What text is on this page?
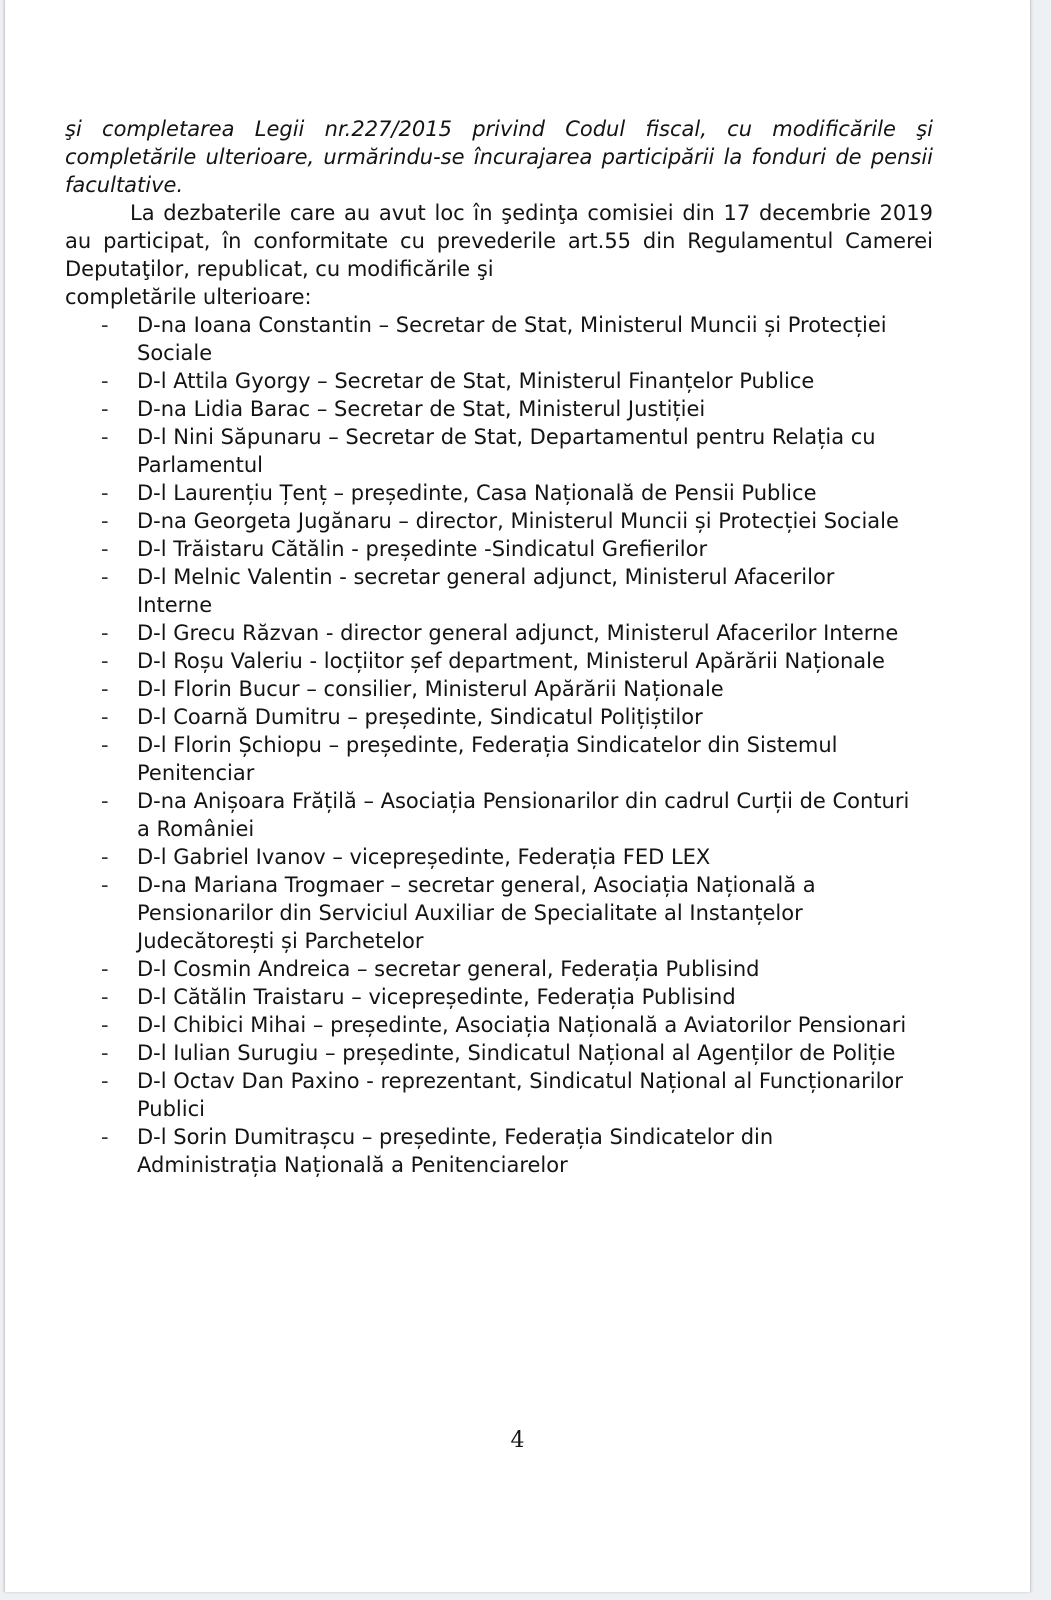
şi completarea Legii nr.227/2015 privind Codul fiscal, cu modificările şi completările ulterioare, urmărindu-se încurajarea participării la fonduri de pensii facultative.

La dezbaterile care au avut loc în şedinţa comisiei din 17 decembrie 2019 au participat, în conformitate cu prevederile art.55 din Regulamentul Camerei Deputaţilor, republicat, cu modificările şi

completările ulterioare:

- D-na Ioana Constantin – Secretar de Stat, Ministerul Muncii și Protecției Sociale
- D-l Attila Gyorgy – Secretar de Stat, Ministerul Finanțelor Publice
- D-na Lidia Barac – Secretar de Stat, Ministerul Justiției
- D-l Nini Săpunaru – Secretar de Stat, Departamentul pentru Relația cu Parlamentul
- D-l Laurențiu Țenț – președinte, Casa Națională de Pensii Publice
- D-na Georgeta Jugănaru – director, Ministerul Muncii și Protecției Sociale
- D-l Trăistaru Cătălin - președinte -Sindicatul Grefierilor
- D-l Melnic Valentin - secretar general adjunct, Ministerul Afacerilor Interne
- D-l Grecu Răzvan - director general adjunct, Ministerul Afacerilor Interne
- D-l Roșu Valeriu - locțiitor șef department, Ministerul Apărării Naționale
- D-l Florin Bucur – consilier, Ministerul Apărării Naționale
- D-l Coarnă Dumitru – președinte, Sindicatul Polițiștilor
- D-l Florin Șchiopu – președinte, Federația Sindicatelor din Sistemul Penitenciar
- D-na Anișoara Frățilă – Asociația Pensionarilor din cadrul Curții de Conturi a României
- D-l Gabriel Ivanov – vicepreședinte, Federația FED LEX
- D-na Mariana Trogmaer – secretar general, Asociația Națională a Pensionarilor din Serviciul Auxiliar de Specialitate al Instanțelor Judecătorești și Parchetelor
- D-l Cosmin Andreica – secretar general, Federația Publisind
- D-l Cătălin Traistaru – vicepreședinte, Federația Publisind
- D-l Chibici Mihai – președinte, Asociația Națională a Aviatorilor Pensionari
- D-l Iulian Surugiu – președinte, Sindicatul Național al Agenților de Poliție
- D-l Octav Dan Paxino - reprezentant, Sindicatul Național al Funcționarilor Publici
- D-l Sorin Dumitrașcu – președinte, Federația Sindicatelor din Administrația Națională a Penitenciarelor
4
